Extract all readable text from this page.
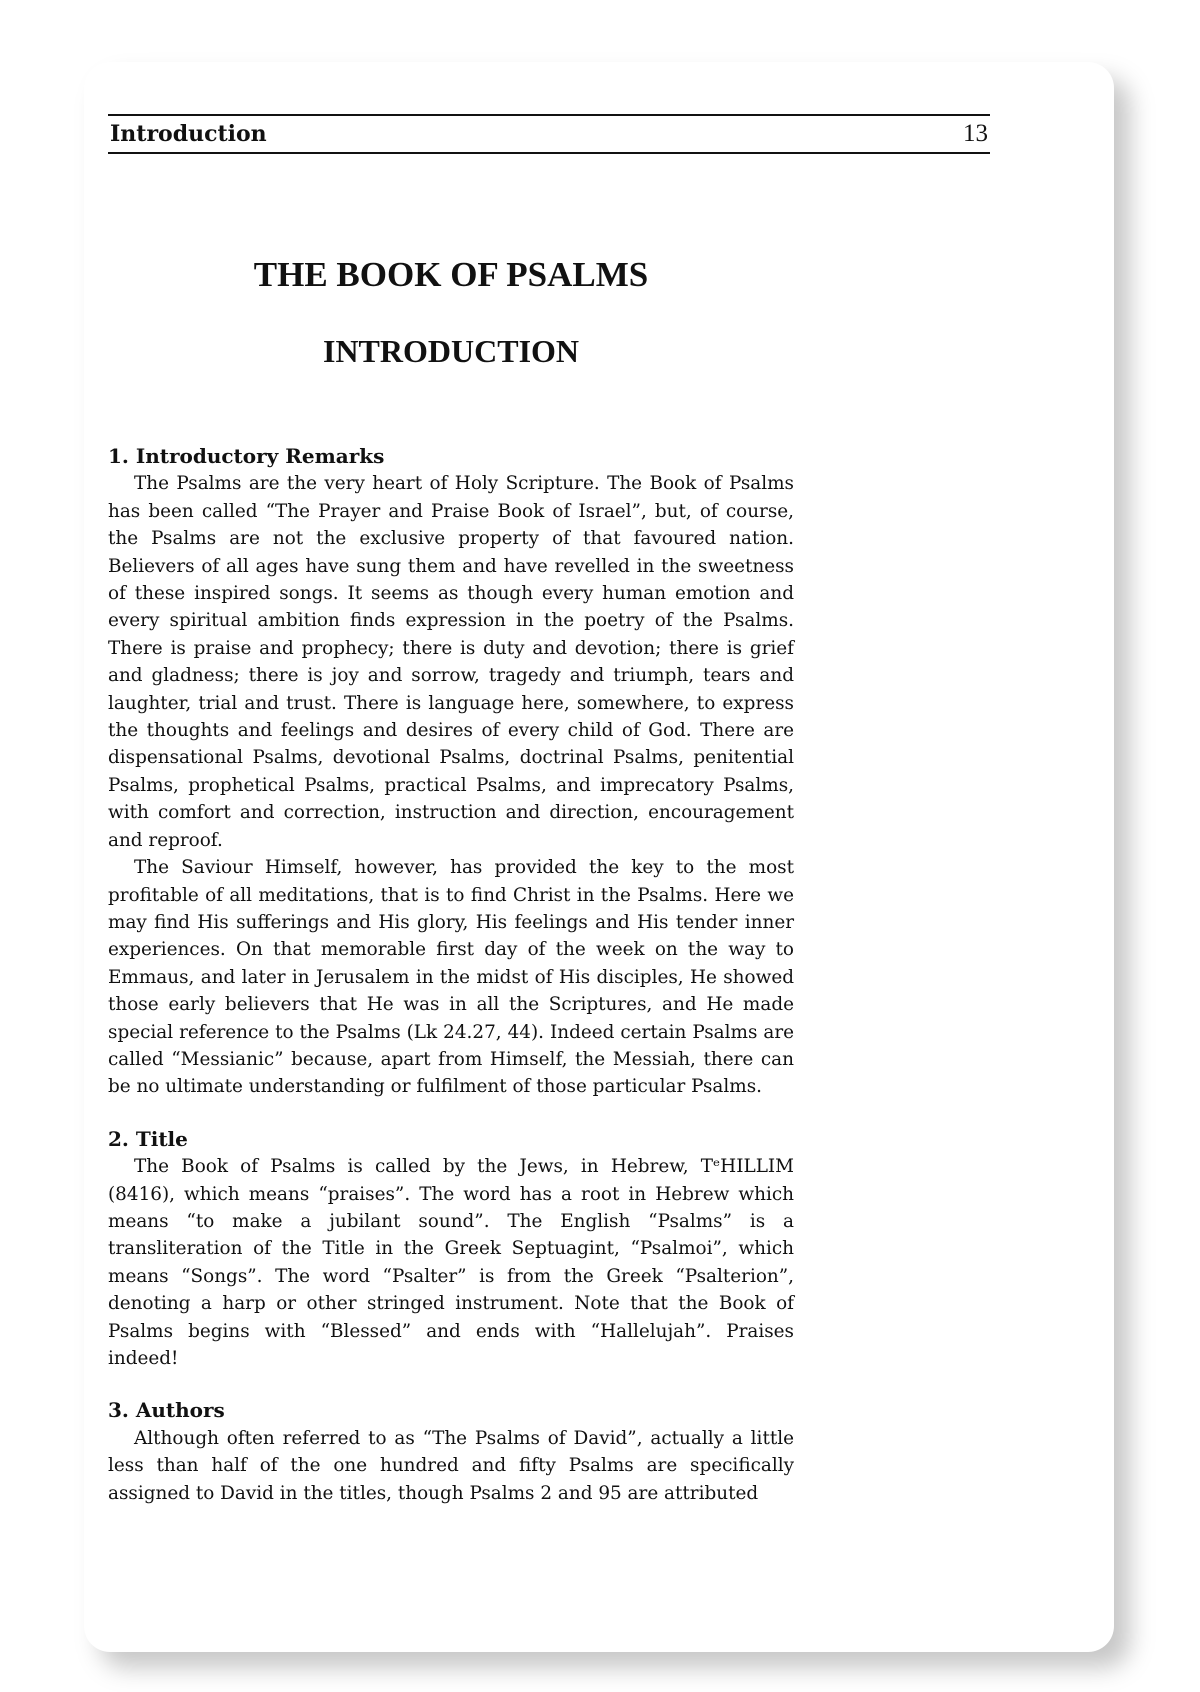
Introduction	13
THE BOOK OF PSALMS
INTRODUCTION
1. Introductory Remarks

The Psalms are the very heart of Holy Scripture. The Book of Psalms has been called “The Prayer and Praise Book of Israel”, but, of course, the Psalms are not the exclusive property of that favoured nation. Believers of all ages have sung them and have revelled in the sweetness of these inspired songs. It seems as though every human emotion and every spiritual ambition finds expression in the poetry of the Psalms. There is praise and prophecy; there is duty and devotion; there is grief and gladness; there is joy and sorrow, tragedy and triumph, tears and laughter, trial and trust. There is language here, somewhere, to express the thoughts and feelings and desires of every child of God. There are dispensational Psalms, devotional Psalms, doctrinal Psalms, penitential Psalms, prophetical Psalms, practical Psalms, and imprecatory Psalms, with comfort and correction, instruction and direction, encouragement and reproof.

The Saviour Himself, however, has provided the key to the most profitable of all meditations, that is to find Christ in the Psalms. Here we may find His sufferings and His glory, His feelings and His tender inner experiences. On that memorable first day of the week on the way to Emmaus, and later in Jerusalem in the midst of His disciples, He showed those early believers that He was in all the Scriptures, and He made special reference to the Psalms (Lk 24.27, 44). Indeed certain Psalms are called “Messianic” because, apart from Himself, the Messiah, there can be no ultimate understanding or fulfilment of those particular Psalms.

2. Title

The Book of Psalms is called by the Jews, in Hebrew, TᵉHILLIM (8416), which means “praises”. The word has a root in Hebrew which means “to make a jubilant sound”. The English “Psalms” is a transliteration of the Title in the Greek Septuagint, “Psalmoi”, which means “Songs”. The word “Psalter” is from the Greek “Psalterion”, denoting a harp or other stringed instrument. Note that the Book of Psalms begins with “Blessed” and ends with “Hallelujah”. Praises indeed!

3. Authors

Although often referred to as “The Psalms of David”, actually a little less than half of the one hundred and fifty Psalms are specifically assigned to David in the titles, though Psalms 2 and 95 are attributed
